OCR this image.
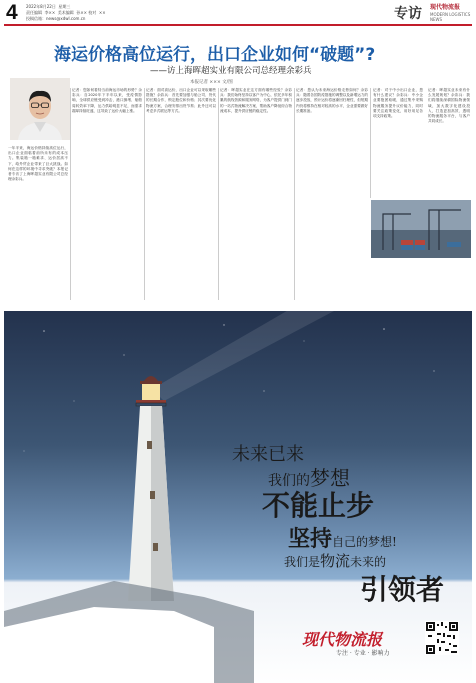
4 2022年8月22日  星期三
责任编辑  李××  美术编辑  孙×× 校对  ××
投稿信箱：news@xdwl.com.cn	专访 现代物流报
MODERN LOGISTICS NEWS
海运价格高位运行，出口企业如何“破题”?
——访上海晖超实业有限公司总经理余彩兵
本报记者 ××× 文/图
一年半来，海运价格持续高位运行，出口企业面临着前所未有的成本压力。集装箱一箱难求、运价居高不下，给外贸企业带来了巨大挑战。如何在这样的环境中寻求突破？本报记者专访了上海晖超实业有限公司总经理余彩兵。
记者：您如何看待当前海运市场的形势？余彩兵：自2020年下半年以来，受疫情影响，全球供应链受到冲击，港口拥堵、船舶周转效率下降，运力供给明显不足，而需求端却持续旺盛，这导致了运价大幅上涨。
记者：面对高运价，出口企业可以采取哪些措施？余彩兵：首先要加强与船公司、货代的长期合作，锁定舱位和价格；其次要优化物流方案，合理安排出货节奏；此外还可以考虑多式联运等方式。
记者：晖超实业在这方面有哪些经验？余彩兵：我们始终坚持以客户为中心，依托多年积累的航线资源和服务网络，为客户提供门到门的一站式物流解决方案，帮助客户降低综合物流成本，提升供应链的稳定性。
记者：您认为未来海运价格走势如何？余彩兵：随着各国防疫措施的调整以及新增运力的逐步投放，预计运价将逐渐回归理性，但短期内仍将维持在相对较高的水平，企业需要做好长期准备。
记者：对于中小出口企业，您有什么建议？余彩兵：中小企业要抱团取暖，通过集中采购物流服务提升议价能力，同时要关注政策变化，用好用足各项支持政策。
记者：晖超实业未来有什么发展规划？余彩兵：我们将继续深耕国际物流领域，加大数字化建设投入，打造更加高效、透明的物流服务平台，与客户共同成长。
未来已来
我们的梦想
不能止步
坚持自己的梦想!
我们是物流未来的
引领者
现代物流报
专注 · 专业 · 影响力
